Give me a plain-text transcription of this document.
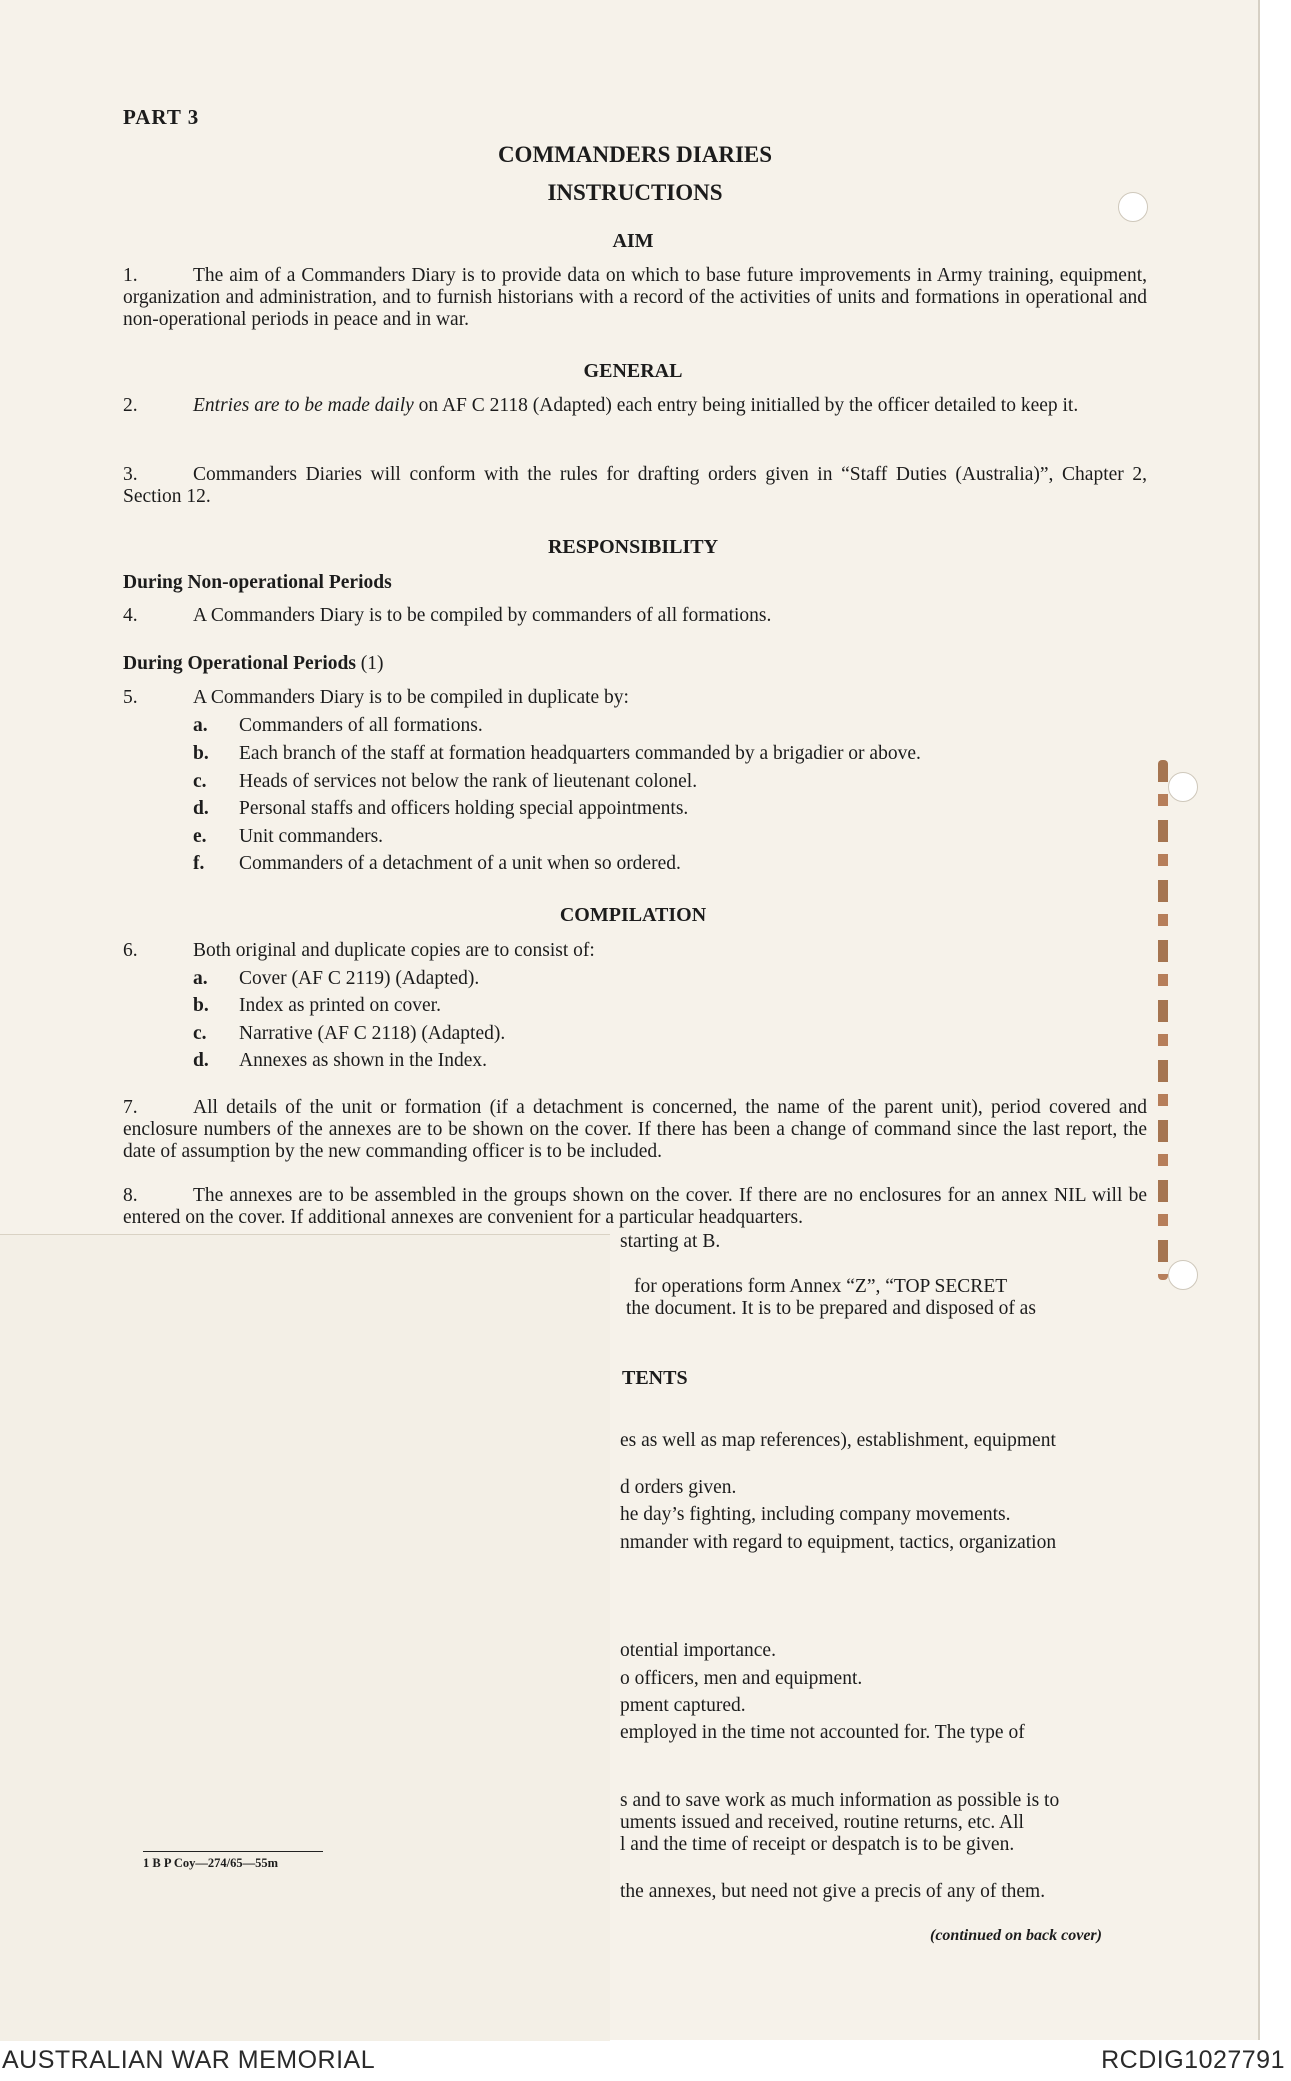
PART 3
COMMANDERS DIARIES
INSTRUCTIONS
AIM
1.	The aim of a Commanders Diary is to provide data on which to base future improvements in Army training, equipment, organization and administration, and to furnish historians with a record of the activities of units and formations in operational and non-operational periods in peace and in war.
GENERAL
2.	Entries are to be made daily on AF C 2118 (Adapted) each entry being initialled by the officer detailed to keep it.
3.	Commanders Diaries will conform with the rules for drafting orders given in “Staff Duties (Australia)”, Chapter 2, Section 12.
RESPONSIBILITY
During Non-operational Periods
4.	A Commanders Diary is to be compiled by commanders of all formations.
During Operational Periods (1)
5.	A Commanders Diary is to be compiled in duplicate by:
a. Commanders of all formations.
b. Each branch of the staff at formation headquarters commanded by a brigadier or above.
c. Heads of services not below the rank of lieutenant colonel.
d. Personal staffs and officers holding special appointments.
e. Unit commanders.
f. Commanders of a detachment of a unit when so ordered.
COMPILATION
6.	Both original and duplicate copies are to consist of:
a. Cover (AF C 2119) (Adapted).
b. Index as printed on cover.
c. Narrative (AF C 2118) (Adapted).
d. Annexes as shown in the Index.
7.	All details of the unit or formation (if a detachment is concerned, the name of the parent unit), period covered and enclosure numbers of the annexes are to be shown on the cover. If there has been a change of command since the last report, the date of assumption by the new commanding officer is to be included.
8.	The annexes are to be assembled in the groups shown on the cover. If there are no enclosures for an annex NIL will be entered on the cover. If additional annexes are convenient for a particular headquarters.
starting at B.
for operations form Annex “Z”, “TOP SECRET
the document. It is to be prepared and disposed of as
TENTS
es as well as map references), establishment, equipment
d orders given.
he day’s fighting, including company movements.
nmander with regard to equipment, tactics, organization
otential importance.
o officers, men and equipment.
pment captured.
employed in the time not accounted for. The type of
s and to save work as much information as possible is to
uments issued and received, routine returns, etc. All
l and the time of receipt or despatch is to be given.
the annexes, but need not give a precis of any of them.
1 B P Coy—274/65—55m
(continued on back cover)
AUSTRALIAN WAR MEMORIAL	RCDIG1027791
